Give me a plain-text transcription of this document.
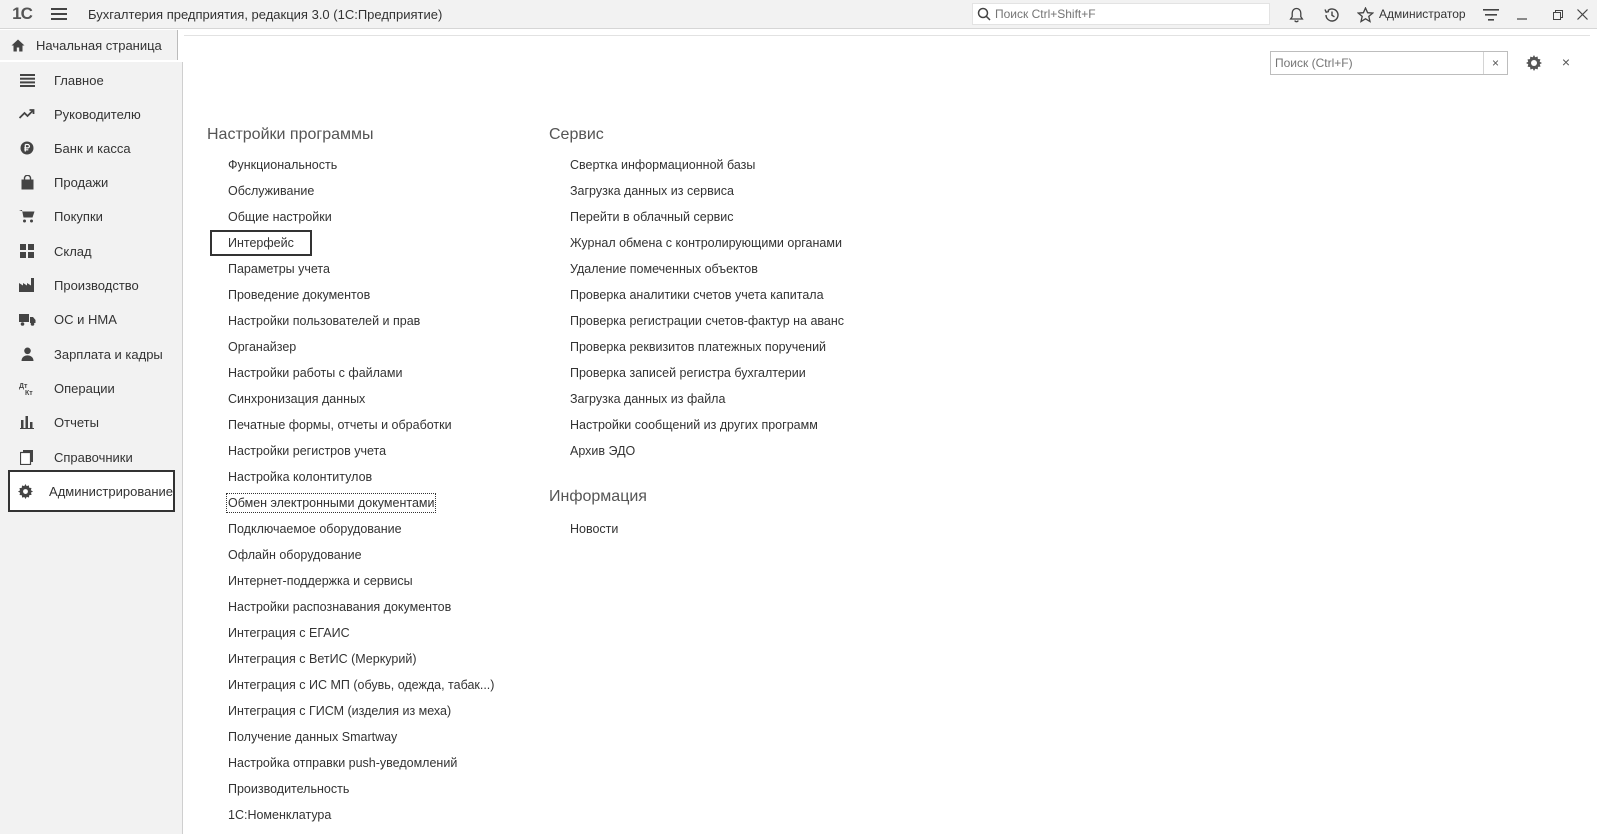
1С	Бухгалтерия предприятия, редакция 3.0 (1С:Предприятие)
Поиск Ctrl+Shift+F	Администратор
Начальная страница
Главное
Руководителю
Банк и касса
Продажи
Покупки
Склад
Производство
ОС и НМА
Зарплата и кадры
Дт
Кт Операции
Отчеты
Справочники
Администрирование
Поиск (Ctrl+F)
×	×
Настройки программы
Функциональность
Обслуживание
Общие настройки
Интерфейс
Параметры учета
Проведение документов
Настройки пользователей и прав
Органайзер
Настройки работы с файлами
Синхронизация данных
Печатные формы, отчеты и обработки
Настройки регистров учета
Настройка колонтитулов
Обмен электронными документами
Подключаемое оборудование
Офлайн оборудование
Интернет-поддержка и сервисы
Настройки распознавания документов
Интеграция с ЕГАИС
Интеграция с ВетИС (Меркурий)
Интеграция с ИС МП (обувь, одежда, табак...)
Интеграция с ГИСМ (изделия из меха)
Получение данных Smartway
Настройка отправки push-уведомлений
Производительность
1С:Номенклатура
Сервис
Свертка информационной базы
Загрузка данных из сервиса
Перейти в облачный сервис
Журнал обмена с контролирующими органами
Удаление помеченных объектов
Проверка аналитики счетов учета капитала
Проверка регистрации счетов-фактур на аванс
Проверка реквизитов платежных поручений
Проверка записей регистра бухгалтерии
Загрузка данных из файла
Настройки сообщений из других программ
Архив ЭДО
Информация
Новости
